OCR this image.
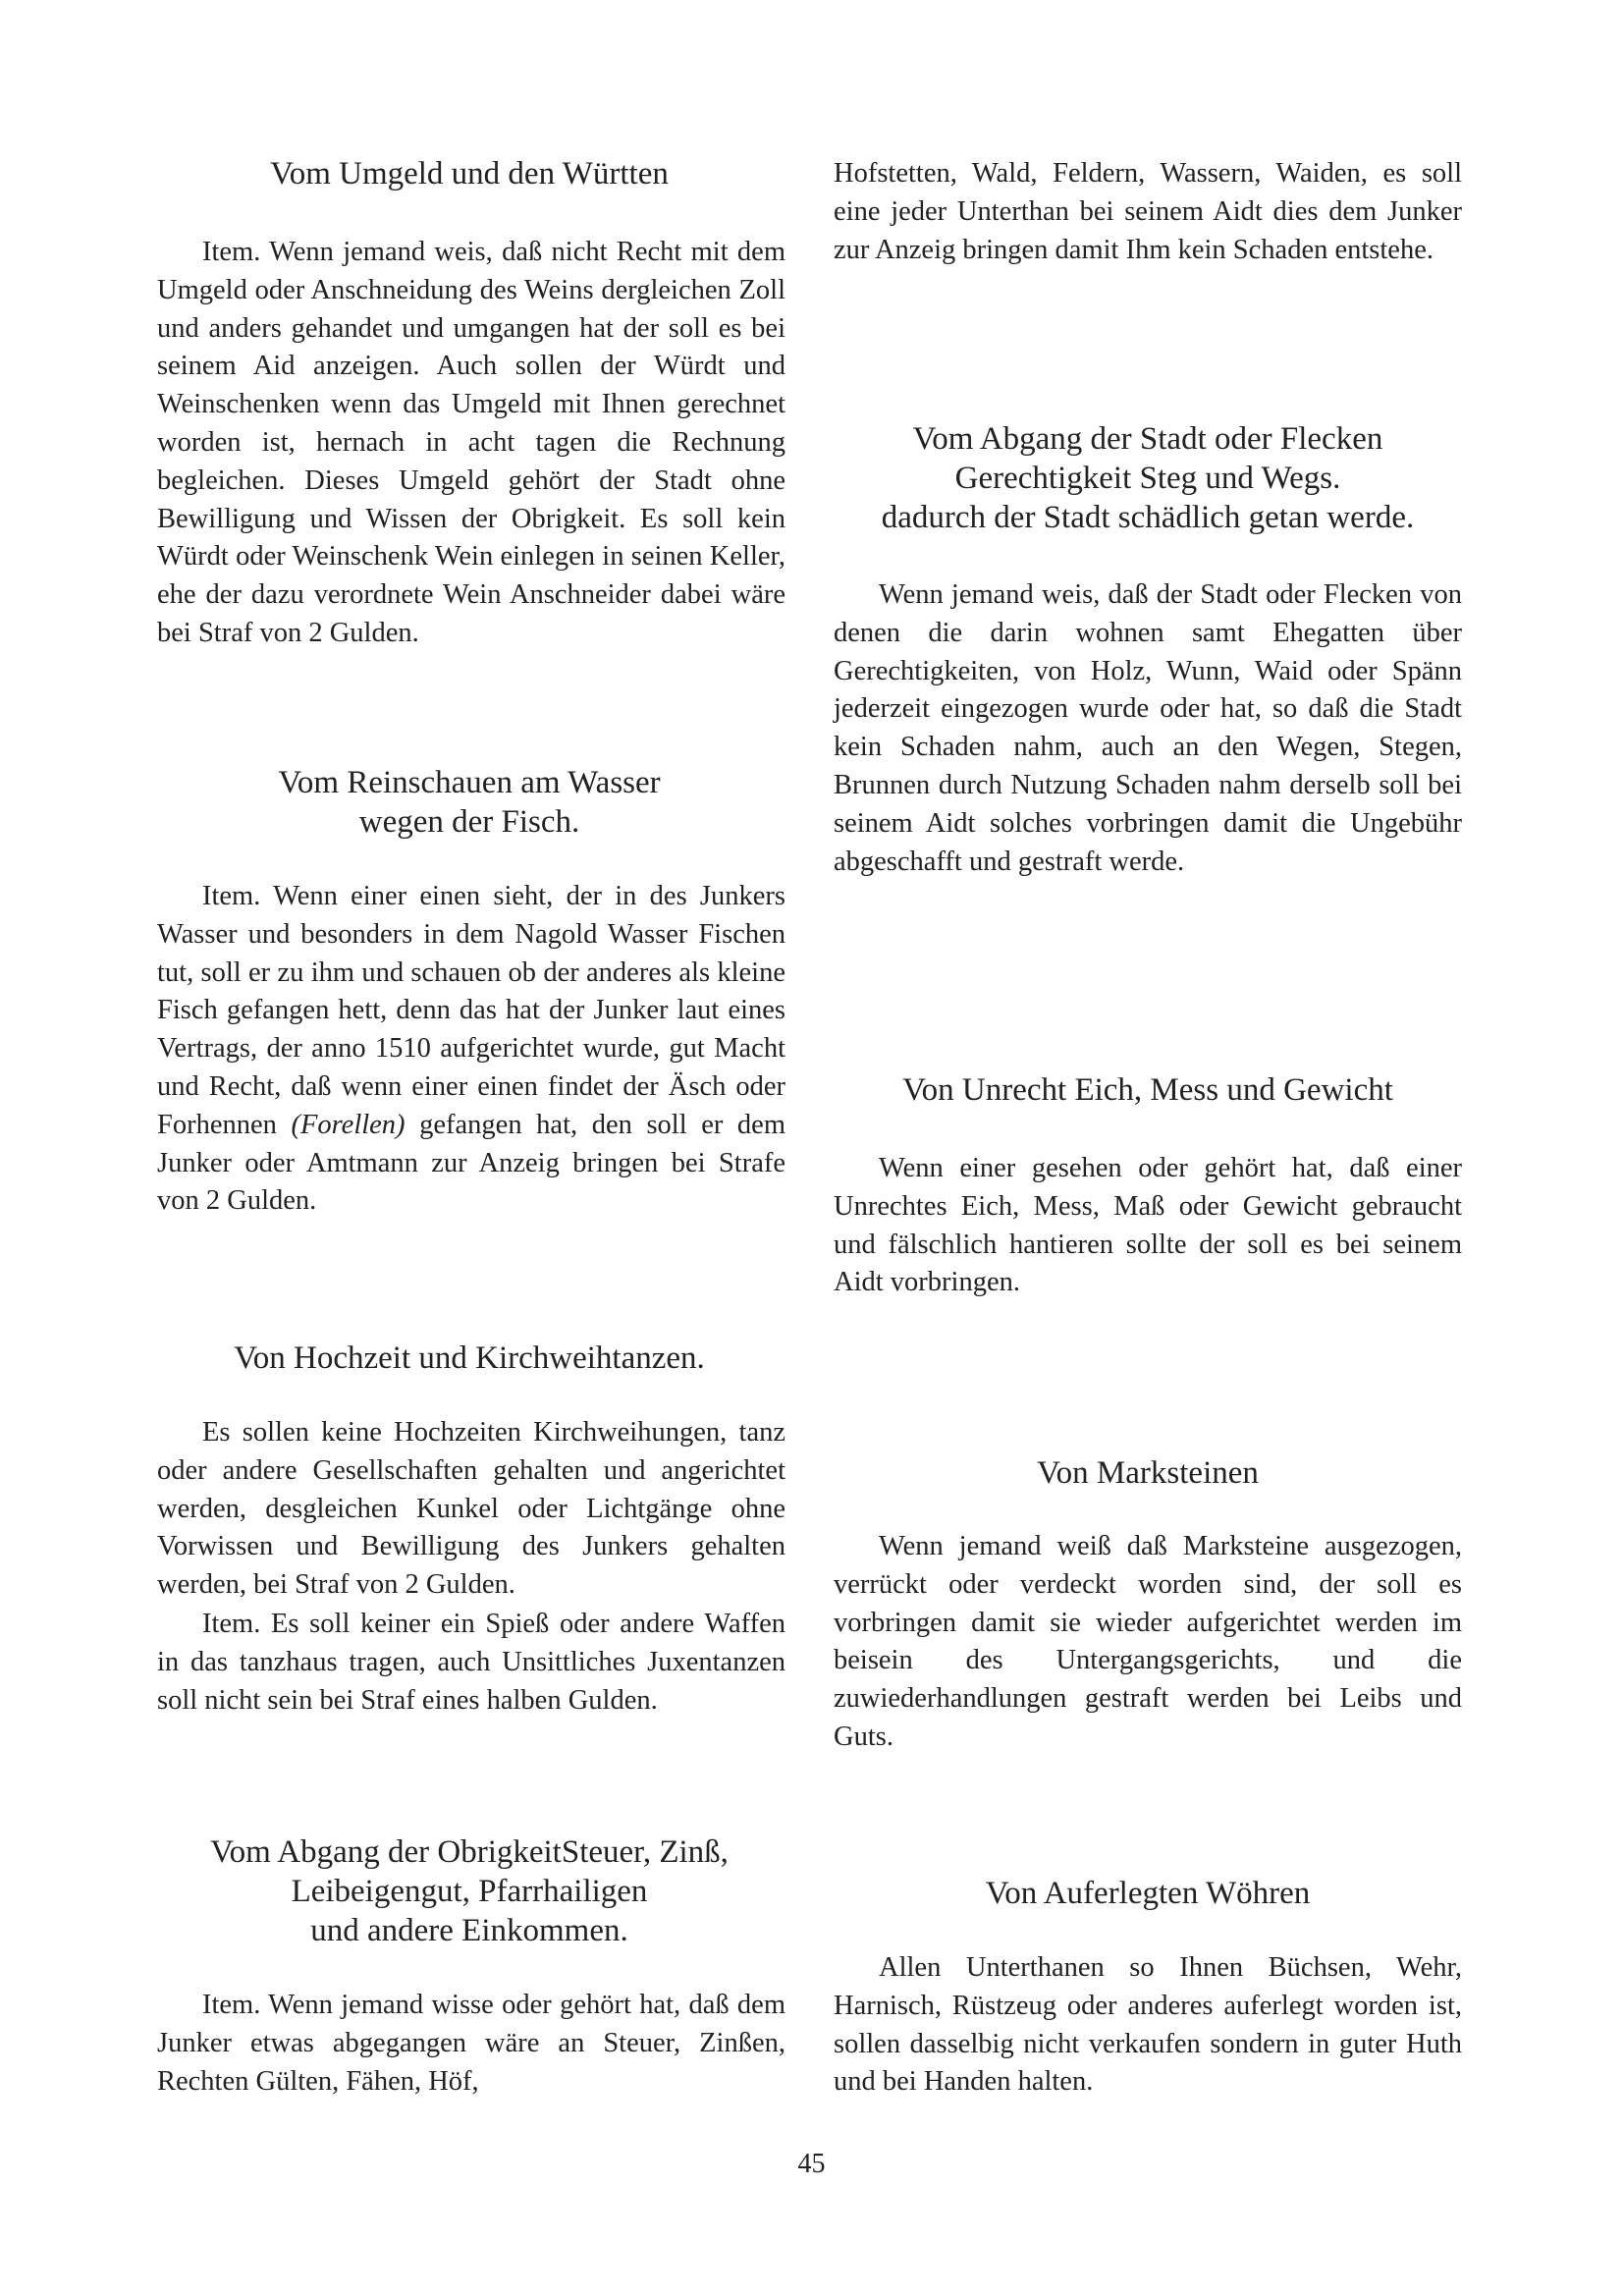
Vom Umgeld und den Württen

Item. Wenn jemand weis, daß nicht Recht mit dem Umgeld oder Anschneidung des Weins dergleichen Zoll und anders gehandet und umgangen hat der soll es bei seinem Aid anzeigen. Auch sollen der Würdt und Weinschenken wenn das Umgeld mit Ihnen gerechnet worden ist, hernach in acht tagen die Rechnung begleichen. Dieses Umgeld gehört der Stadt ohne Bewilligung und Wissen der Obrigkeit. Es soll kein Würdt oder Weinschenk Wein einlegen in seinen Keller, ehe der dazu verordnete Wein Anschneider dabei wäre bei Straf von 2 Gulden.

Vom Reinschauen am Wasser
wegen der Fisch.

Item. Wenn einer einen sieht, der in des Junkers Wasser und besonders in dem Nagold Wasser Fischen tut, soll er zu ihm und schauen ob der anderes als kleine Fisch gefangen hett, denn das hat der Junker laut eines Vertrags, der anno 1510 aufgerichtet wurde, gut Macht und Recht, daß wenn einer einen findet der Äsch oder Forhennen (Forellen) gefangen hat, den soll er dem Junker oder Amtmann zur Anzeig bringen bei Strafe von 2 Gulden.

Von Hochzeit und Kirchweihtanzen.

Es sollen keine Hochzeiten Kirchweihungen, tanz oder andere Gesellschaften gehalten und angerichtet werden, desgleichen Kunkel oder Lichtgänge ohne Vorwissen und Bewilligung des Junkers gehalten werden, bei Straf von 2 Gulden.

Item. Es soll keiner ein Spieß oder andere Waffen in das tanzhaus tragen, auch Unsittliches Juxentanzen soll nicht sein bei Straf eines halben Gulden.

Vom Abgang der ObrigkeitSteuer, Zinß,
Leibeigengut, Pfarrhailigen
und andere Einkommen.

Item. Wenn jemand wisse oder gehört hat, daß dem Junker etwas abgegangen wäre an Steuer, Zinßen, Rechten Gülten, Fähen, Höf,

Hofstetten, Wald, Feldern, Wassern, Waiden, es soll eine jeder Unterthan bei seinem Aidt dies dem Junker zur Anzeig bringen damit Ihm kein Schaden entstehe.

Vom Abgang der Stadt oder Flecken
Gerechtigkeit Steg und Wegs.
dadurch der Stadt schädlich getan werde.

Wenn jemand weis, daß der Stadt oder Flecken von denen die darin wohnen samt Ehegatten über Gerechtigkeiten, von Holz, Wunn, Waid oder Spänn jederzeit eingezogen wurde oder hat, so daß die Stadt kein Schaden nahm, auch an den Wegen, Stegen, Brunnen durch Nutzung Schaden nahm derselb soll bei seinem Aidt solches vorbringen damit die Ungebühr abgeschafft und gestraft werde.

Von Unrecht Eich, Mess und Gewicht

Wenn einer gesehen oder gehört hat, daß einer Unrechtes Eich, Mess, Maß oder Gewicht gebraucht und fälschlich hantieren sollte der soll es bei seinem Aidt vorbringen.

Von Marksteinen

Wenn jemand weiß daß Marksteine ausgezogen, verrückt oder verdeckt worden sind, der soll es vorbringen damit sie wieder aufgerichtet werden im beisein des Untergangsgerichts, und die zuwiederhandlungen gestraft werden bei Leibs und Guts.

Von Auferlegten Wöhren

Allen Unterthanen so Ihnen Büchsen, Wehr, Harnisch, Rüstzeug oder anderes auferlegt worden ist, sollen dasselbig nicht verkaufen sondern in guter Huth und bei Handen halten.

45
